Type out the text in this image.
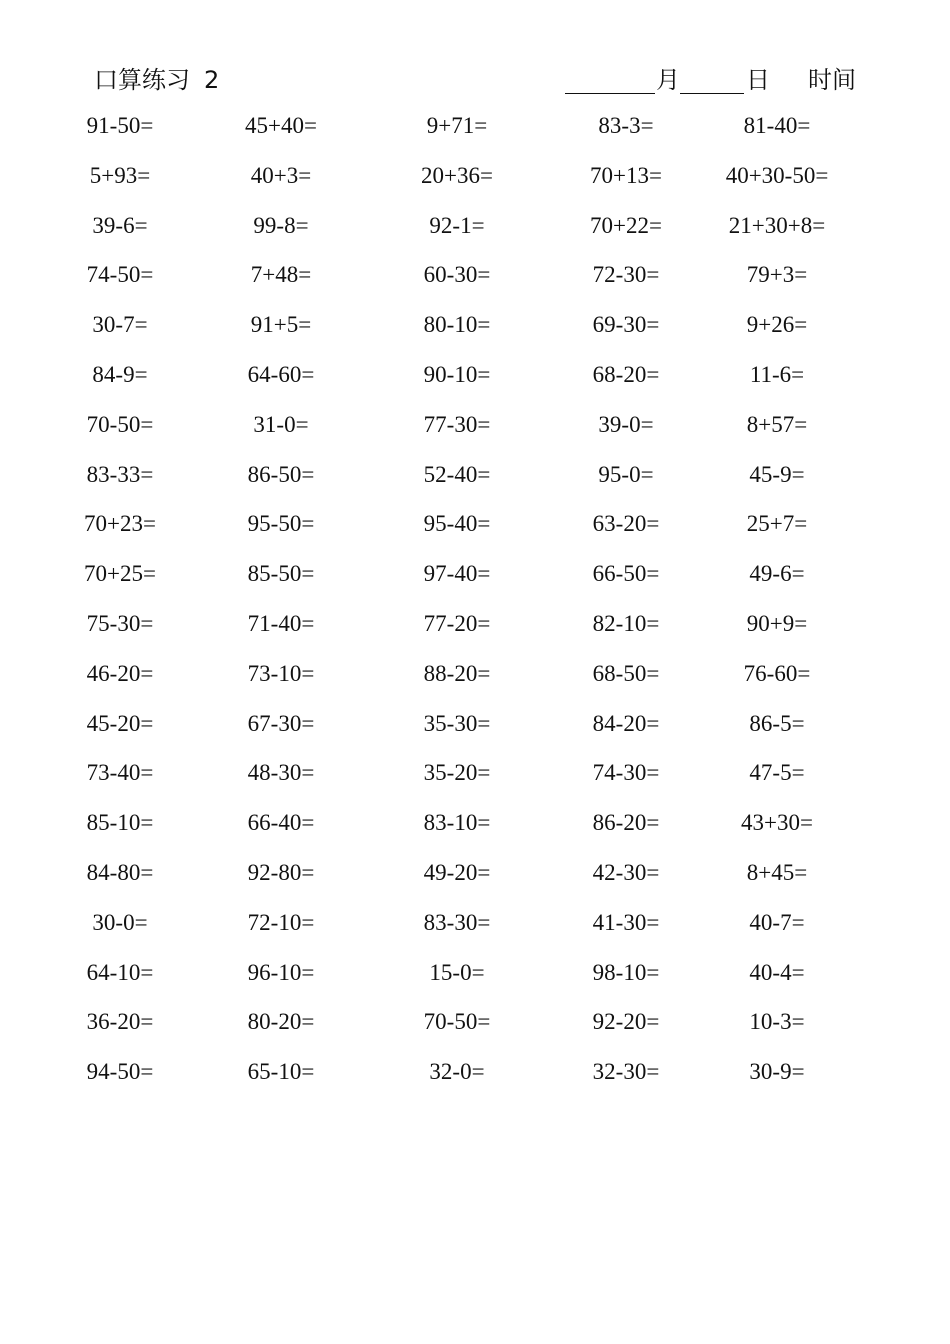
口算练习 2	月	日 时间
91-50=	45+40=	9+71=	83-3=	81-40=
5+93=	40+3=	20+36=	70+13=	40+30-50=
39-6=	99-8=	92-1=	70+22=	21+30+8=
74-50=	7+48=	60-30=	72-30=	79+3=
30-7=	91+5=	80-10=	69-30=	9+26=
84-9=	64-60=	90-10=	68-20=	11-6=
70-50=	31-0=	77-30=	39-0=	8+57=
83-33=	86-50=	52-40=	95-0=	45-9=
70+23=	95-50=	95-40=	63-20=	25+7=
70+25=	85-50=	97-40=	66-50=	49-6=
75-30=	71-40=	77-20=	82-10=	90+9=
46-20=	73-10=	88-20=	68-50=	76-60=
45-20=	67-30=	35-30=	84-20=	86-5=
73-40=	48-30=	35-20=	74-30=	47-5=
85-10=	66-40=	83-10=	86-20=	43+30=
84-80=	92-80=	49-20=	42-30=	8+45=
30-0=	72-10=	83-30=	41-30=	40-7=
64-10=	96-10=	15-0=	98-10=	40-4=
36-20=	80-20=	70-50=	92-20=	10-3=
94-50=	65-10=	32-0=	32-30=	30-9=
